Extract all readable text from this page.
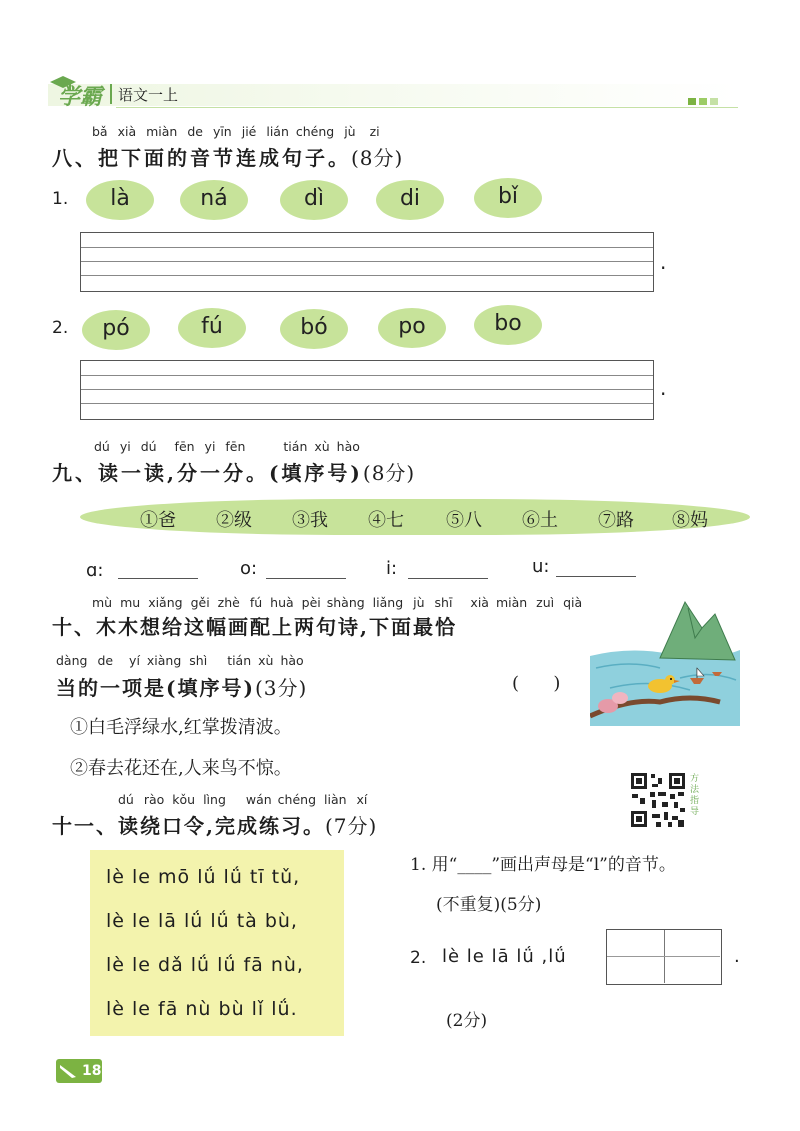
学霸 语文一上
bǎ xià miàn de yīn jié lián chéng jù zi
八、把下面的音节连成句子。(8分)
1.	là	ná	dì	di	bǐ
.
2.	pó	fú	bó	po	bo
.
dú yi dú fēn yi fēn	tián xù hào
九、读一读,分一分。(填序号)(8分)
①爸 ②级 ③我 ④七 ⑤八 ⑥土 ⑦路 ⑧妈
ɑ:	o:	i:	u:
mù mu xiǎng gěi zhè fú huà pèi shàng liǎng jù shī xià miàn zuì qià
十、木木想给这幅画配上两句诗,下面最恰
dàng de yí xiàng shì tián xù hào
当的一项是(填序号)(3分)	(      )
①白毛浮绿水,红掌拨清波。
②春去花还在,人来鸟不惊。	方法指导
dú rào kǒu lìng wán chéng liàn xí
十一、读绕口令,完成练习。(7分)
lè le mō lǘ lǘ tī tǔ,
lè le lā lǘ lǘ tà bù,
lè le dǎ lǘ lǘ fā nù,
lè le fā nù bù lǐ lǘ.
1. 用“____”画出声母是“l”的音节。
(不重复)(5分)
2. lè le lā lǘ ,lǘ	.
(2分)
18
